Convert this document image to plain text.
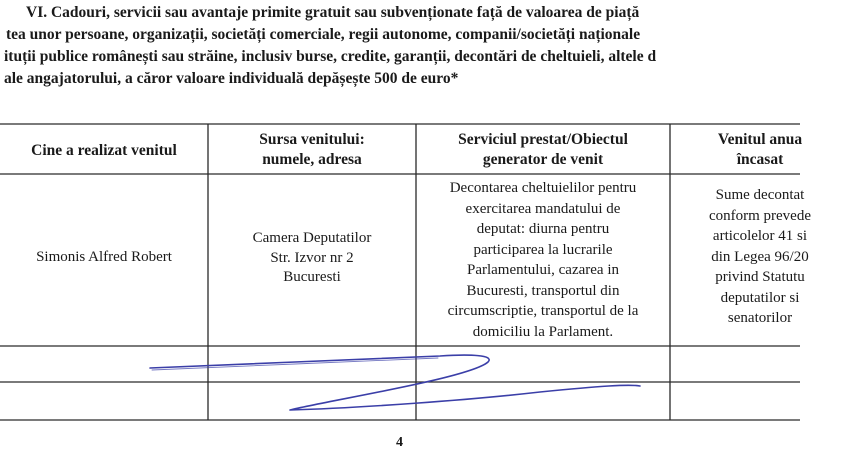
VI. Cadouri, servicii sau avantaje primite gratuit sau subvenționate față de valoarea de piață
tea unor persoane, organizații, societăți comerciale, regii autonome, companii/societăți naționale
ituții publice românești sau străine, inclusiv burse, credite, garanții, decontări de cheltuieli, altele d
ale angajatorului, a căror valoare individuală depășește 500 de euro*
Cine a realizat venitul
Sursa venitului:
numele, adresa
Serviciul prestat/Obiectul
generator de venit
Venitul anua
încasat
Simonis Alfred Robert
Camera Deputatilor
Str. Izvor nr 2
Bucuresti
Decontarea cheltuielilor pentru
exercitarea mandatului de
deputat: diurna pentru
participarea la lucrarile
Parlamentului, cazarea in
Bucuresti, transportul din
circumscriptie, transportul de la
domiciliu la Parlament.
Sume decontat
conform prevede
articolelor 41 si
din Legea 96/20
privind Statutu
deputatilor si
senatorilor
4
